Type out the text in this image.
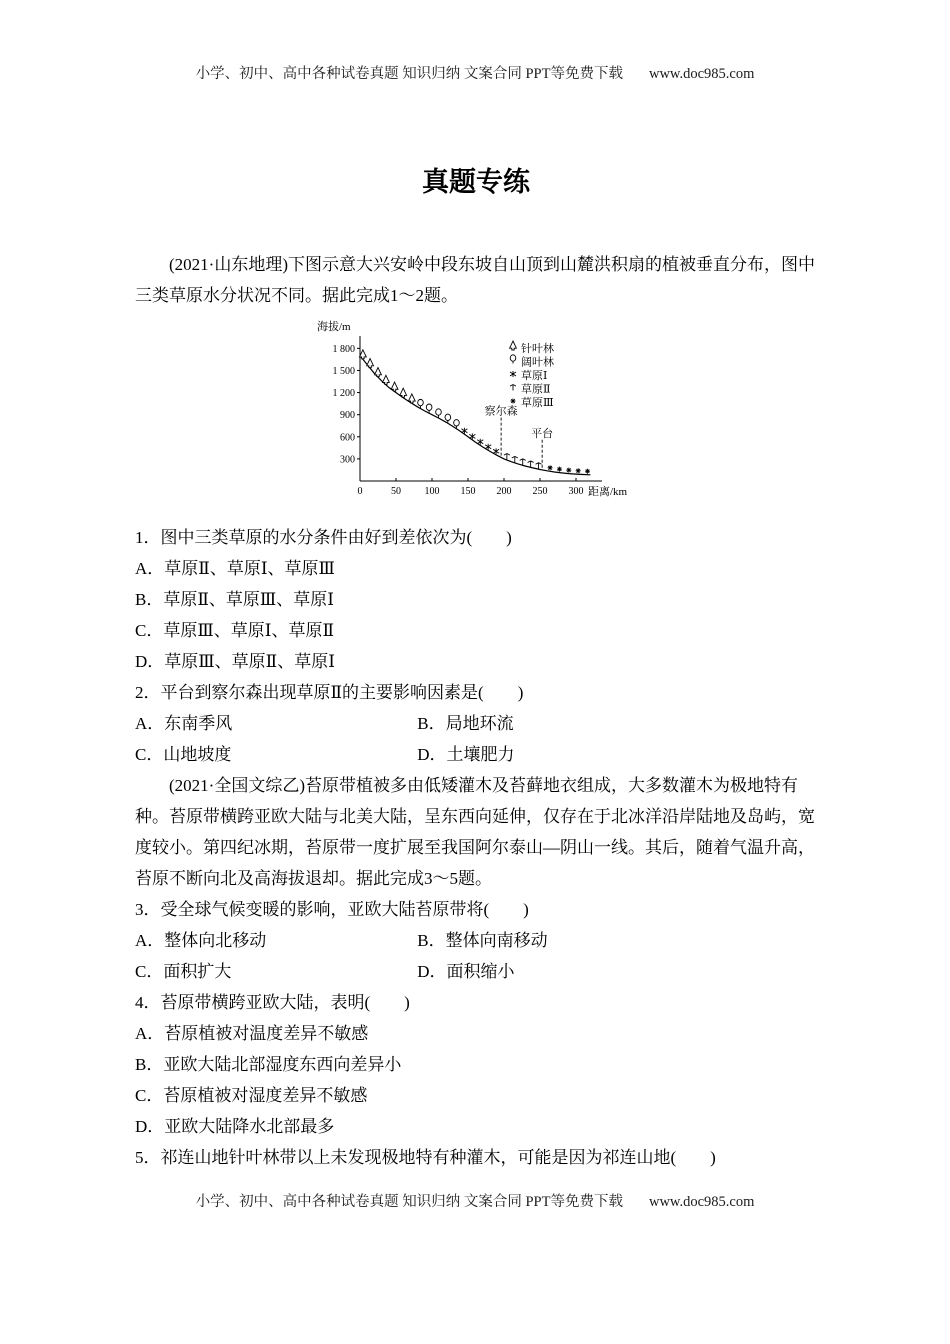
小学、初中、高中各种试卷真题 知识归纳 文案合同 PPT等免费下载 www.doc985.com
真题专练

(2021·山东地理)下图示意大兴安岭中段东坡自山顶到山麓洪积扇的植被垂直分布，图中三类草原水分状况不同。据此完成1～2题。

海拔/m
距离/km
300
600
900
1 200
1 500
1 800
0	50 100 150 200 250 300
察尔森
平台
针叶林
阔叶林
草原Ⅰ
草原Ⅱ
草原Ⅲ

1．图中三类草原的水分条件由好到差依次为(　　)

A．草原Ⅱ、草原Ⅰ、草原Ⅲ

B．草原Ⅱ、草原Ⅲ、草原Ⅰ

C．草原Ⅲ、草原Ⅰ、草原Ⅱ

D．草原Ⅲ、草原Ⅱ、草原Ⅰ

2．平台到察尔森出现草原Ⅱ的主要影响因素是(　　)

A．东南季风	B．局地环流
C．山地坡度	D．土壤肥力

(2021·全国文综乙)苔原带植被多由低矮灌木及苔藓地衣组成，大多数灌木为极地特有种。苔原带横跨亚欧大陆与北美大陆，呈东西向延伸，仅存在于北冰洋沿岸陆地及岛屿，宽度较小。第四纪冰期，苔原带一度扩展至我国阿尔泰山—阴山一线。其后，随着气温升高，苔原不断向北及高海拔退却。据此完成3～5题。

3．受全球气候变暖的影响，亚欧大陆苔原带将(　　)

A．整体向北移动	B．整体向南移动
C．面积扩大	D．面积缩小

4．苔原带横跨亚欧大陆，表明(　　)

A．苔原植被对温度差异不敏感

B．亚欧大陆北部湿度东西向差异小

C．苔原植被对湿度差异不敏感

D．亚欧大陆降水北部最多

5．祁连山地针叶林带以上未发现极地特有种灌木，可能是因为祁连山地(　　)

小学、初中、高中各种试卷真题 知识归纳 文案合同 PPT等免费下载 www.doc985.com
